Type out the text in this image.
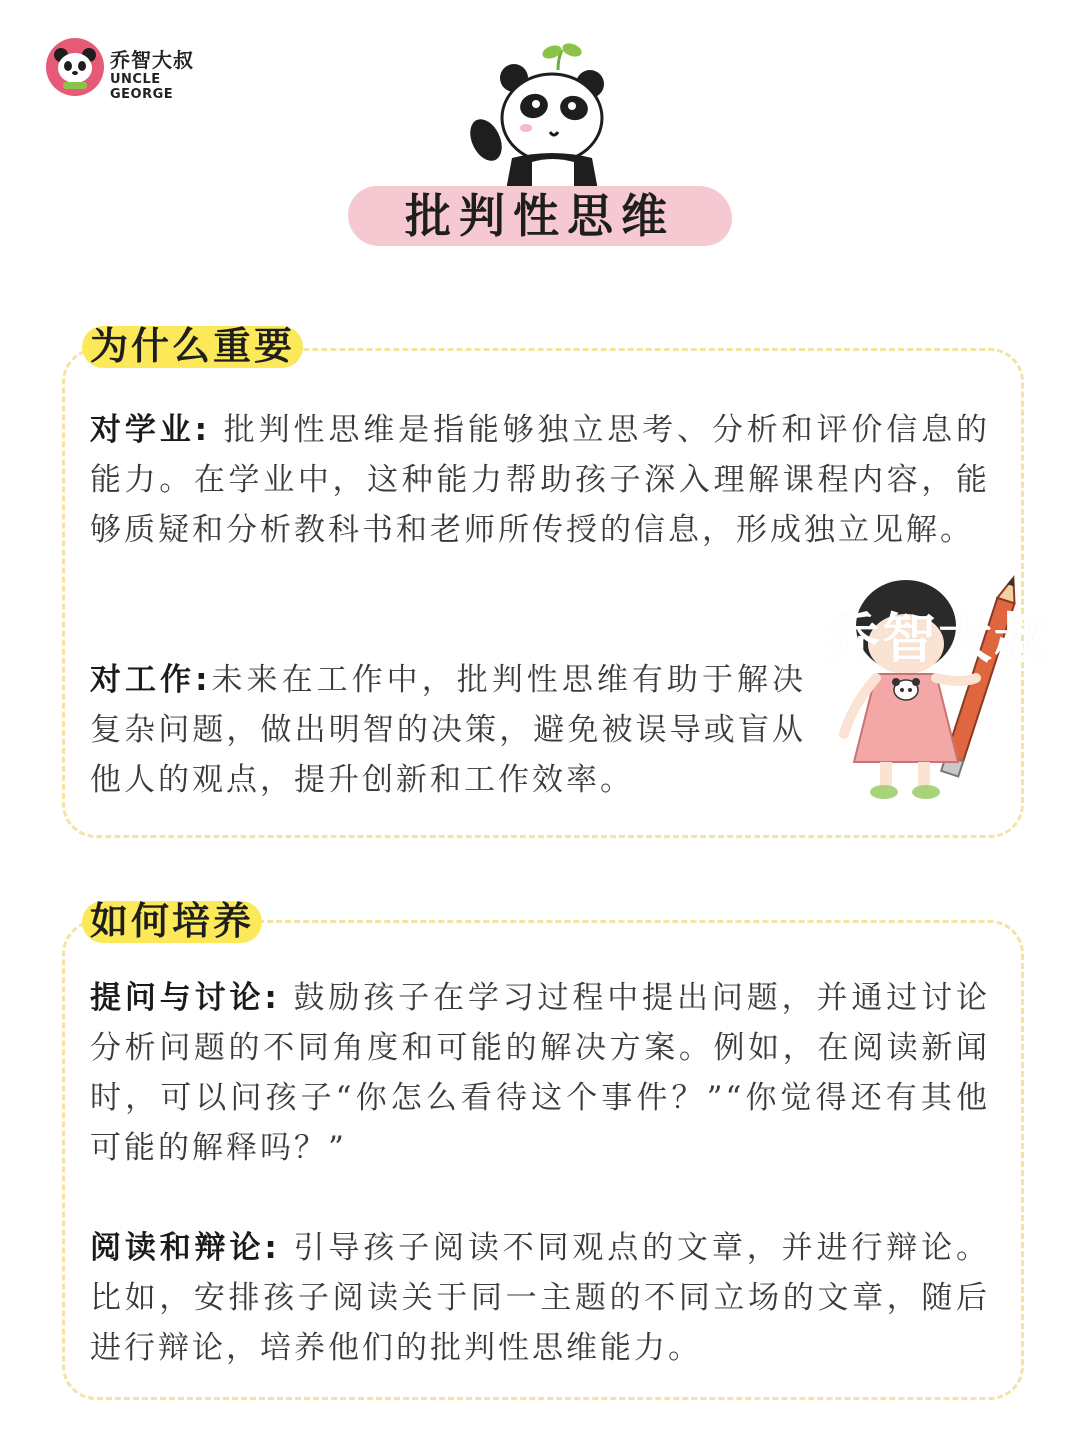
乔智大叔
UNCLE GEORGE
批判性思维
为什么重要
对学业: 批判性思维是指能够独立思考、分析和评价信息的能力。在学业中，这种能力帮助孩子深入理解课程内容，能够质疑和分析教科书和老师所传授的信息，形成独立见解。
对工作:未来在工作中，批判性思维有助于解决复杂问题，做出明智的决策，避免被误导或盲从他人的观点，提升创新和工作效率。
乔智大叔
如何培养
提问与讨论: 鼓励孩子在学习过程中提出问题，并通过讨论分析问题的不同角度和可能的解决方案。例如，在阅读新闻时，可以问孩子“你怎么看待这个事件？”“你觉得还有其他可能的解释吗？”
阅读和辩论: 引导孩子阅读不同观点的文章，并进行辩论。比如，安排孩子阅读关于同一主题的不同立场的文章，随后进行辩论，培养他们的批判性思维能力。
